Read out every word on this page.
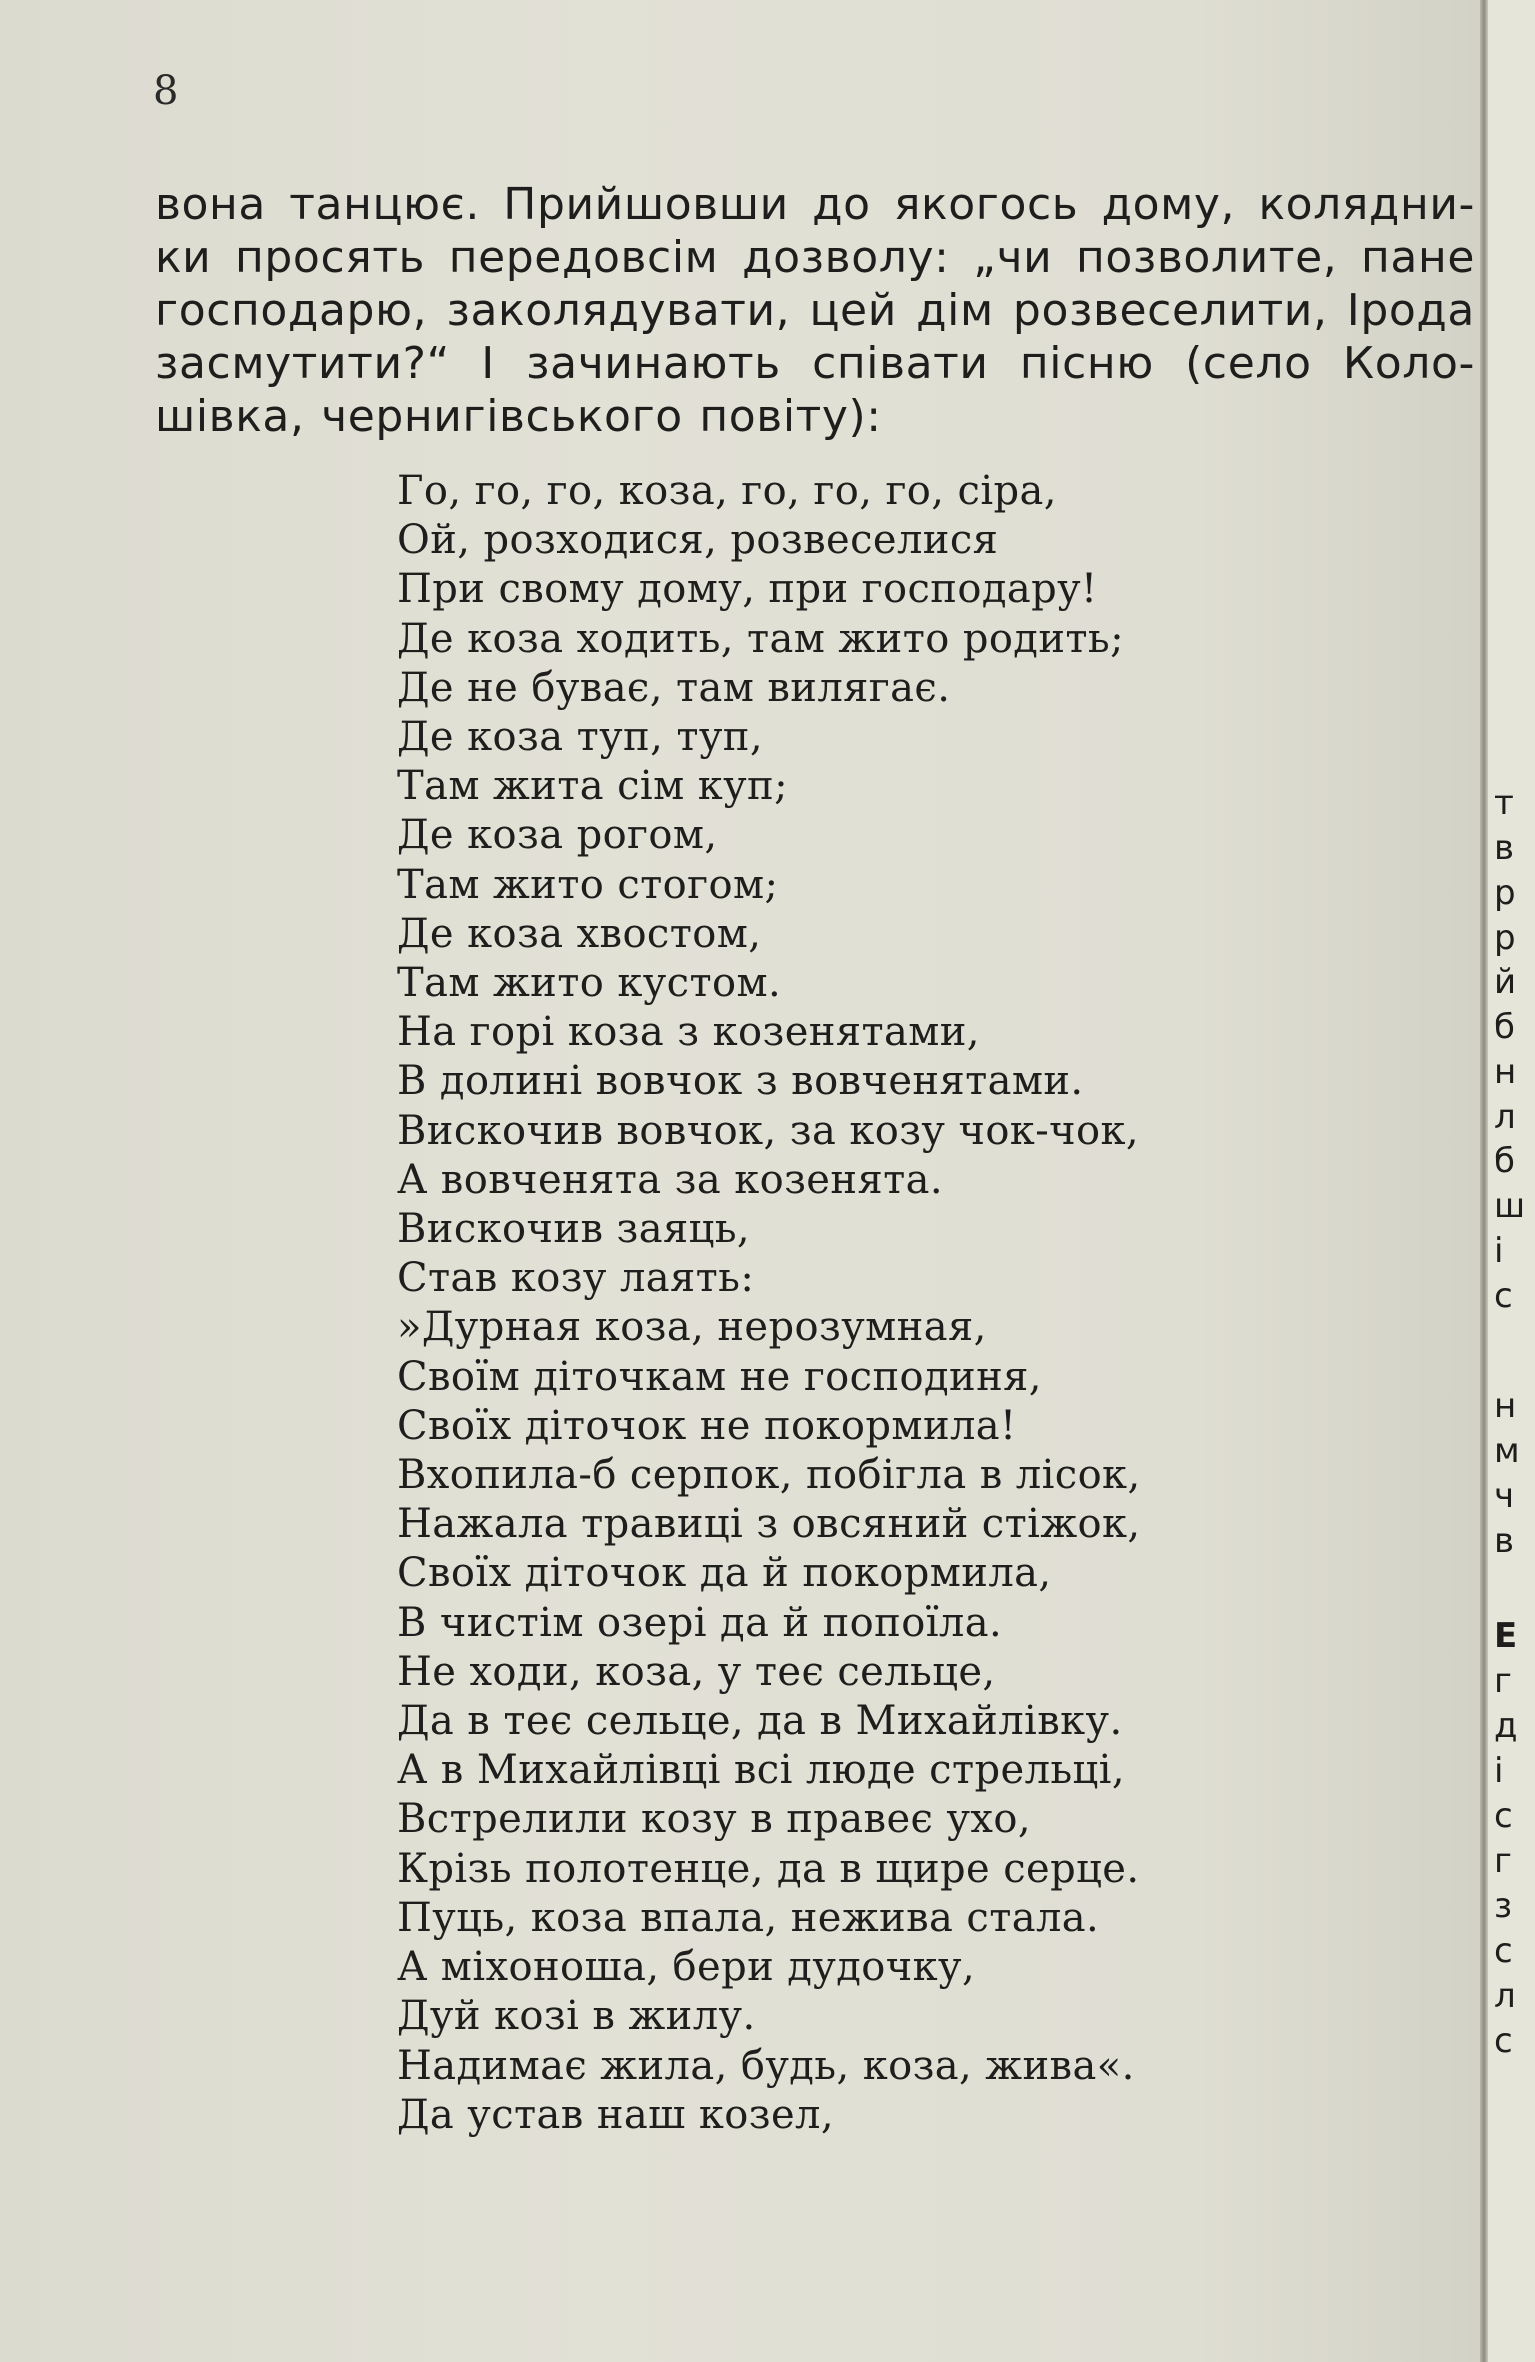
8
вона танцює. Прийшовши до якогось дому, колядни-
ки просять передовсім дозволу: „чи позволите, пане
господарю, заколядувати, цей дім розвеселити, Ірода
засмутити?“ І зачинають співати пісню (село Коло-
шівка, чернигівського повіту):
Го, го, го, коза, го, го, го, сіра,
Ой, розходися, розвеселися
При свому дому, при господару!
Де коза ходить, там жито родить;
Де не буває, там вилягає.
Де коза туп, туп,
Там жита сім куп;
Де коза рогом,
Там жито стогом;
Де коза хвостом,
Там жито кустом.
На горі коза з козенятами,
В долині вовчок з вовченятами.
Вискочив вовчок, за козу чок-чок,
А вовченята за козенята.
Вискочив заяць,
Став козу лаять:
»Дурная коза, нерозумная,
Своїм діточкам не господиня,
Своїх діточок не покормила!
Вхопила-б серпок, побігла в лісок,
Нажала травиці з овсяний стіжок,
Своїх діточок да й покормила,
В чистім озері да й попоїла.
Не ходи, коза, у теє сельце,
Да в теє сельце, да в Михайлівку.
А в Михайлівці всі люде стрельці,
Встрелили козу в правеє ухо,
Крізь полотенце, да в щире серце.
Пуць, коза впала, нежива стала.
А міхоноша, бери дудочку,
Дуй козі в жилу.
Надимає жила, будь, коза, жива«.
Да устав наш козел,
т
в
р
р
й
б
н
л
б
ш
і
с
н
м
ч
в
Е
г
д
і
с
г
з
с
л
с
